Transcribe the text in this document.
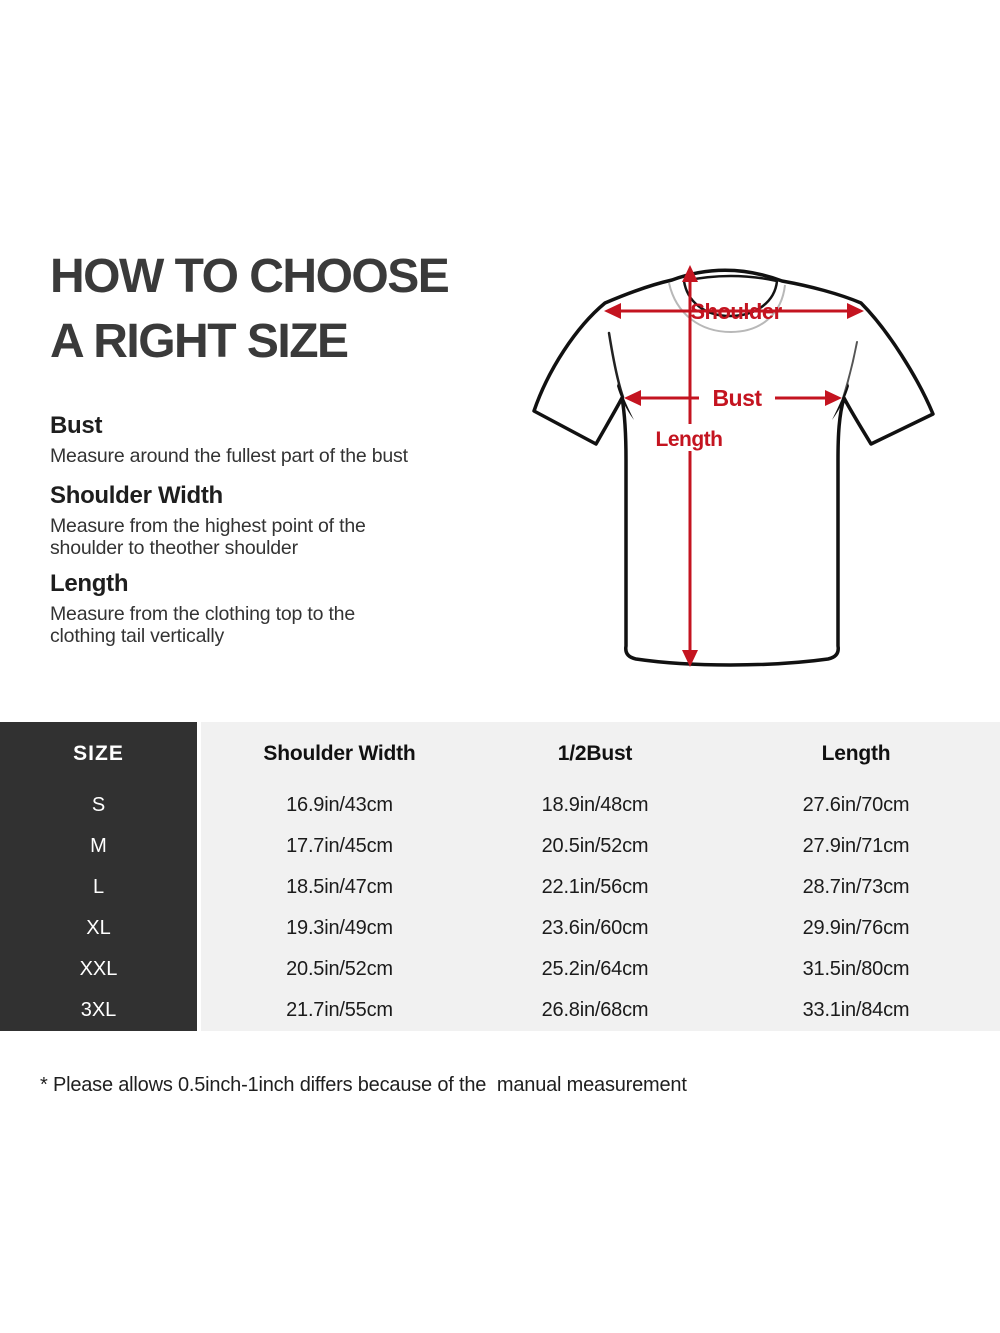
HOW TO CHOOSE
A RIGHT SIZE
Bust
Measure around the fullest part of the bust
Shoulder Width
Measure from the highest point of the
shoulder to theother shoulder
Length
Measure from the clothing top to the
clothing tail vertically
Shoulder
Bust
Length
SIZE	Shoulder Width	1/2Bust	Length
S	16.9in/43cm	18.9in/48cm	27.6in/70cm
M	17.7in/45cm	20.5in/52cm	27.9in/71cm
L	18.5in/47cm	22.1in/56cm	28.7in/73cm
XL	19.3in/49cm	23.6in/60cm	29.9in/76cm
XXL	20.5in/52cm	25.2in/64cm	31.5in/80cm
3XL	21.7in/55cm	26.8in/68cm	33.1in/84cm
* Please allows 0.5inch-1inch differs because of the  manual measurement
